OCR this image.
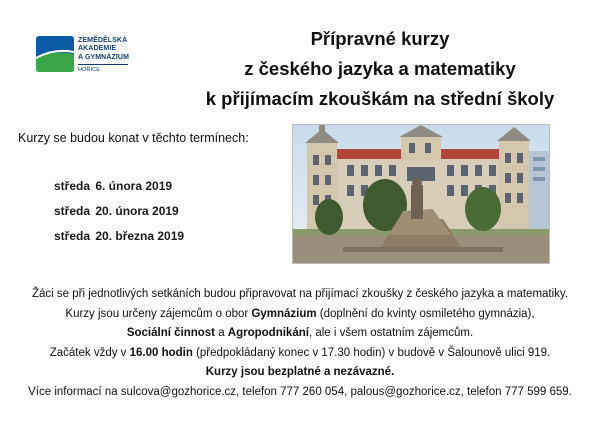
ZEMĚDĚLSKÁ
AKADEMIE
A GYMNÁZIUM
HOŘICE
Přípravné kurzy
z českého jazyka a matematiky
k přijímacím zkouškám na střední školy
Kurzy se budou konat v těchto termínech:
středa 6. února 2019
středa 20. února 2019
středa 20. března 2019

Žáci se při jednotlivých setkáních budou připravovat na přijímací zkoušky z českého jazyka a matematiky.

Kurzy jsou určeny zájemcům o obor Gymnázium (doplnění do kvinty osmiletého gymnázia),

Sociální činnost a Agropodnikání, ale i všem ostatním zájemcům.

Začátek vždy v 16.00 hodin (předpokládaný konec v 17.30 hodin) v budově v Šalounově ulici 919.

Kurzy jsou bezplatné a nezávazné.

Více informací na sulcova@gozhorice.cz, telefon 777 260 054, palous@gozhorice.cz, telefon 777 599 659.
